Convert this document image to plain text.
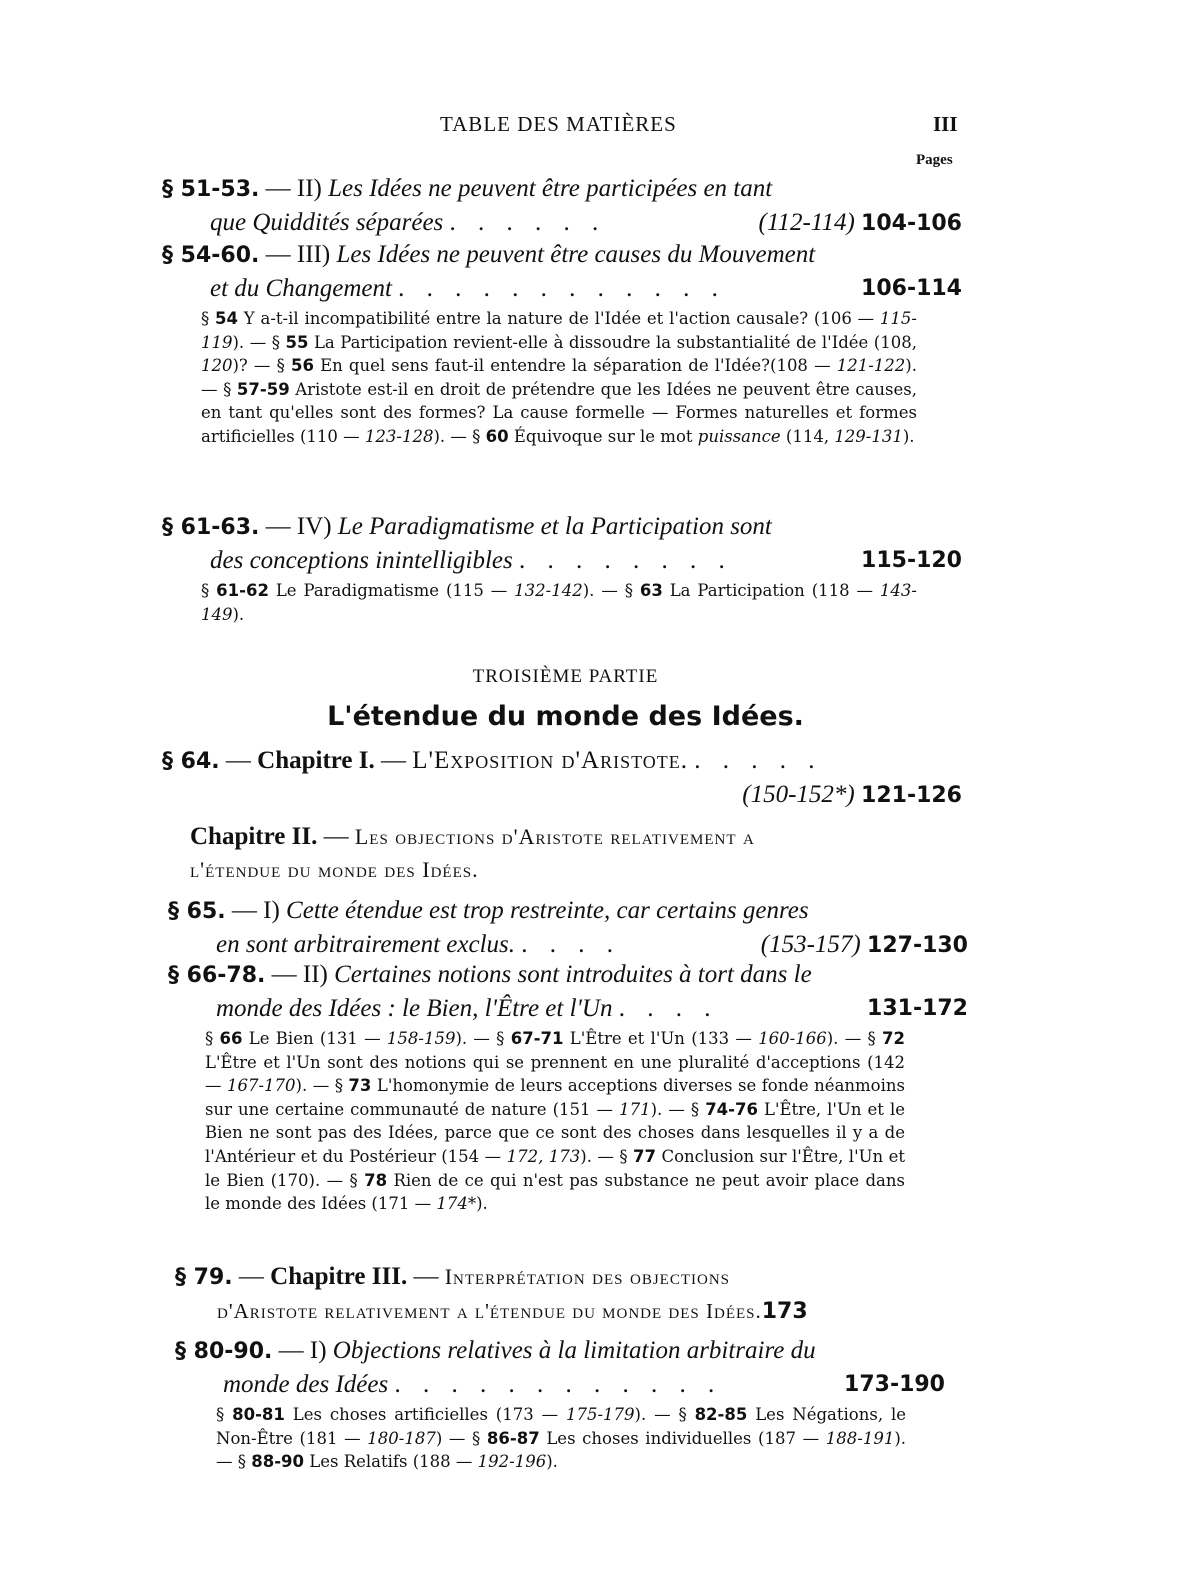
TABLE DES MATIÈRES	III
Pages
§ 51-53. — II) Les Idées ne peuvent être participées en tant
que Quiddités séparées . . . . . .	(112-114) 104-106
§ 54-60. — III) Les Idées ne peuvent être causes du Mouvement
et du Changement . . . . . . . . . . . .	106-114
§ 54 Y a-t-il incompatibilité entre la nature de l'Idée et l'action causale? (106 — 115-119). — § 55 La Participation revient-elle à dissoudre la substantialité de l'Idée (108, 120)? — § 56 En quel sens faut-il entendre la séparation de l'Idée?(108 — 121-122). — § 57-59 Aristote est-il en droit de prétendre que les Idées ne peuvent être causes, en tant qu'elles sont des formes? La cause formelle — Formes naturelles et formes artificielles (110 — 123-128). — § 60 Équivoque sur le mot puissance (114, 129-131).
§ 61-63. — IV) Le Paradigmatisme et la Participation sont
des conceptions inintelligibles . . . . . . . .	115-120
§ 61-62 Le Paradigmatisme (115 — 132-142). — § 63 La Participation (118 — 143-149).
TROISIÈME PARTIE
L'étendue du monde des Idées.
§ 64. — Chapitre I. — L'Exposition d'Aristote. . . . . .
(150-152*) 121-126
Chapitre II. — Les objections d'Aristote relativement a
l'étendue du monde des Idées.
§ 65. — I) Cette étendue est trop restreinte, car certains genres
en sont arbitrairement exclus. . . . .	(153-157) 127-130
§ 66-78. — II) Certaines notions sont introduites à tort dans le
monde des Idées : le Bien, l'Être et l'Un . . . .	131-172
§ 66 Le Bien (131 — 158-159). — § 67-71 L'Être et l'Un (133 — 160-166). — § 72 L'Être et l'Un sont des notions qui se prennent en une pluralité d'acceptions (142 — 167-170). — § 73 L'homonymie de leurs acceptions diverses se fonde néanmoins sur une certaine communauté de nature (151 — 171). — § 74-76 L'Être, l'Un et le Bien ne sont pas des Idées, parce que ce sont des choses dans lesquelles il y a de l'Antérieur et du Postérieur (154 — 172, 173). — § 77 Conclusion sur l'Être, l'Un et le Bien (170). — § 78 Rien de ce qui n'est pas substance ne peut avoir place dans le monde des Idées (171 — 174*).
§ 79. — Chapitre III. — Interprétation des objections
d'Aristote relativement a l'étendue du monde des Idées.173
§ 80-90. — I) Objections relatives à la limitation arbitraire du
monde des Idées . . . . . . . . . . . .	173-190
§ 80-81 Les choses artificielles (173 — 175-179). — § 82-85 Les Négations, le Non-Être (181 — 180-187) — § 86-87 Les choses individuelles (187 — 188-191). — § 88-90 Les Relatifs (188 — 192-196).
